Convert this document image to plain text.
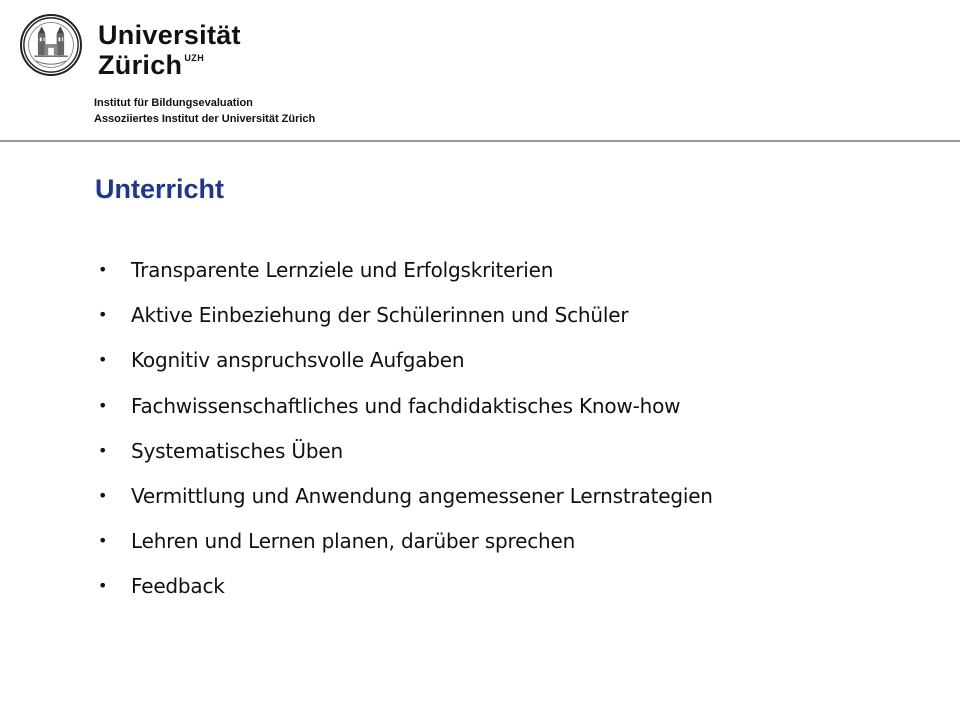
Universität
Zürich $^{UZH}$
Institut für Bildungsevaluation
Assoziiertes Institut der Universität Zürich
Unterricht
•	Transparente Lernziele und Erfolgskriterien
•	Aktive Einbeziehung der Schülerinnen und Schüler
•	Kognitiv anspruchsvolle Aufgaben
•	Fachwissenschaftliches und fachdidaktisches Know-how
•	Systematisches Üben
•	Vermittlung und Anwendung angemessener Lernstrategien
•	Lehren und Lernen planen, darüber sprechen
•	Feedback
